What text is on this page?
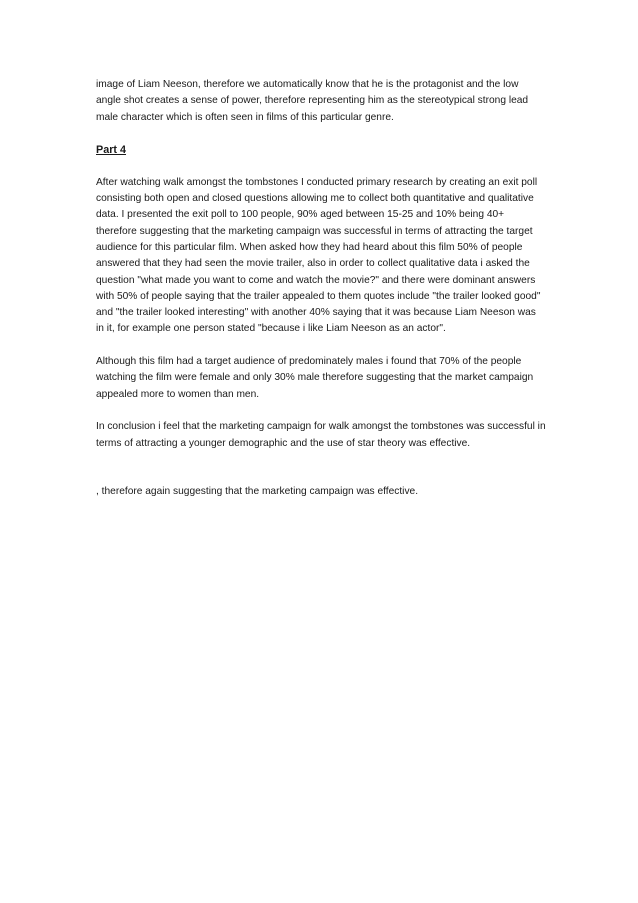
image of Liam Neeson, therefore we automatically know that he is the protagonist and the low angle shot creates a sense of power, therefore representing him as the stereotypical strong lead male character which is often seen in films of this particular genre.

Part 4

After watching walk amongst the tombstones I conducted primary research by creating an exit poll consisting both open and closed questions allowing me to collect both quantitative and qualitative data. I presented the exit poll to 100 people, 90% aged between 15-25 and 10% being 40+ therefore suggesting that the marketing campaign was successful in terms of attracting the target audience for this particular film. When asked how they had heard about this film 50% of people answered that they had seen the movie trailer, also in order to collect qualitative data i asked the question "what made you want to come and watch the movie?" and there were dominant answers with 50% of people saying that the trailer appealed to them quotes include "the trailer looked good" and "the trailer looked interesting" with another 40% saying that it was because Liam Neeson was in it, for example one person stated "because i like Liam Neeson as an actor".

Although this film had a target audience of predominately males i found that 70% of the people watching the film were female and only 30% male therefore suggesting that the market campaign appealed more to women than men.

In conclusion i feel that the marketing campaign for walk amongst the tombstones was successful in terms of attracting a younger demographic and the use of star theory was effective.

, therefore again suggesting that the marketing campaign was effective.
